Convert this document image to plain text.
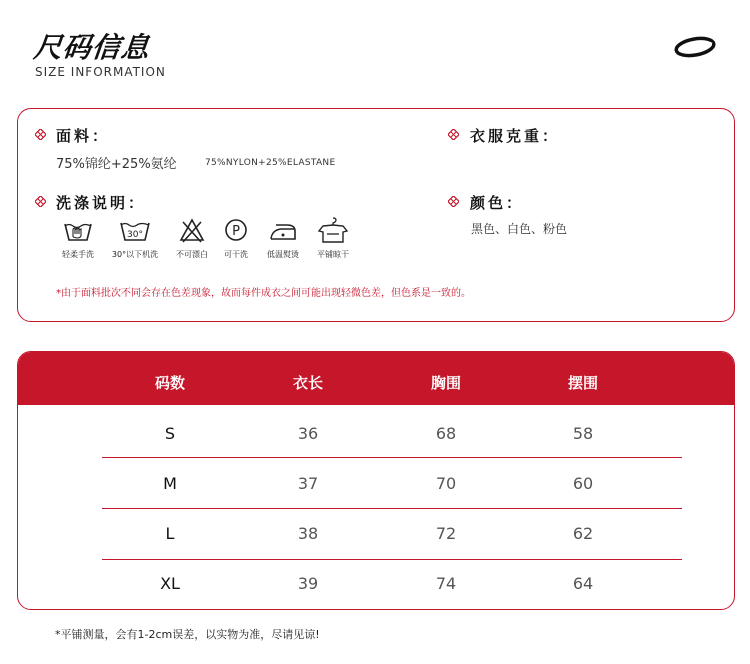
尺码信息
SIZE INFORMATION
面料：
75%锦纶+25%氨纶	75%NYLON+25%ELASTANE
衣服克重：
洗涤说明：	颜色：
黑色、白色、粉色
*由于面料批次不同会存在色差现象，故而每件成衣之间可能出现轻微色差，但色系是一致的。
轻柔手洗
30°
30°以下机洗	不可漂白
P
可干洗	低温熨烫	平铺晾干
码数	衣长	胸围	摆围
S	36	68	58
M	37	70	60
L	38	72	62
XL	39	74	64
*平铺测量，会有1-2cm误差，以实物为准，尽请见谅!
